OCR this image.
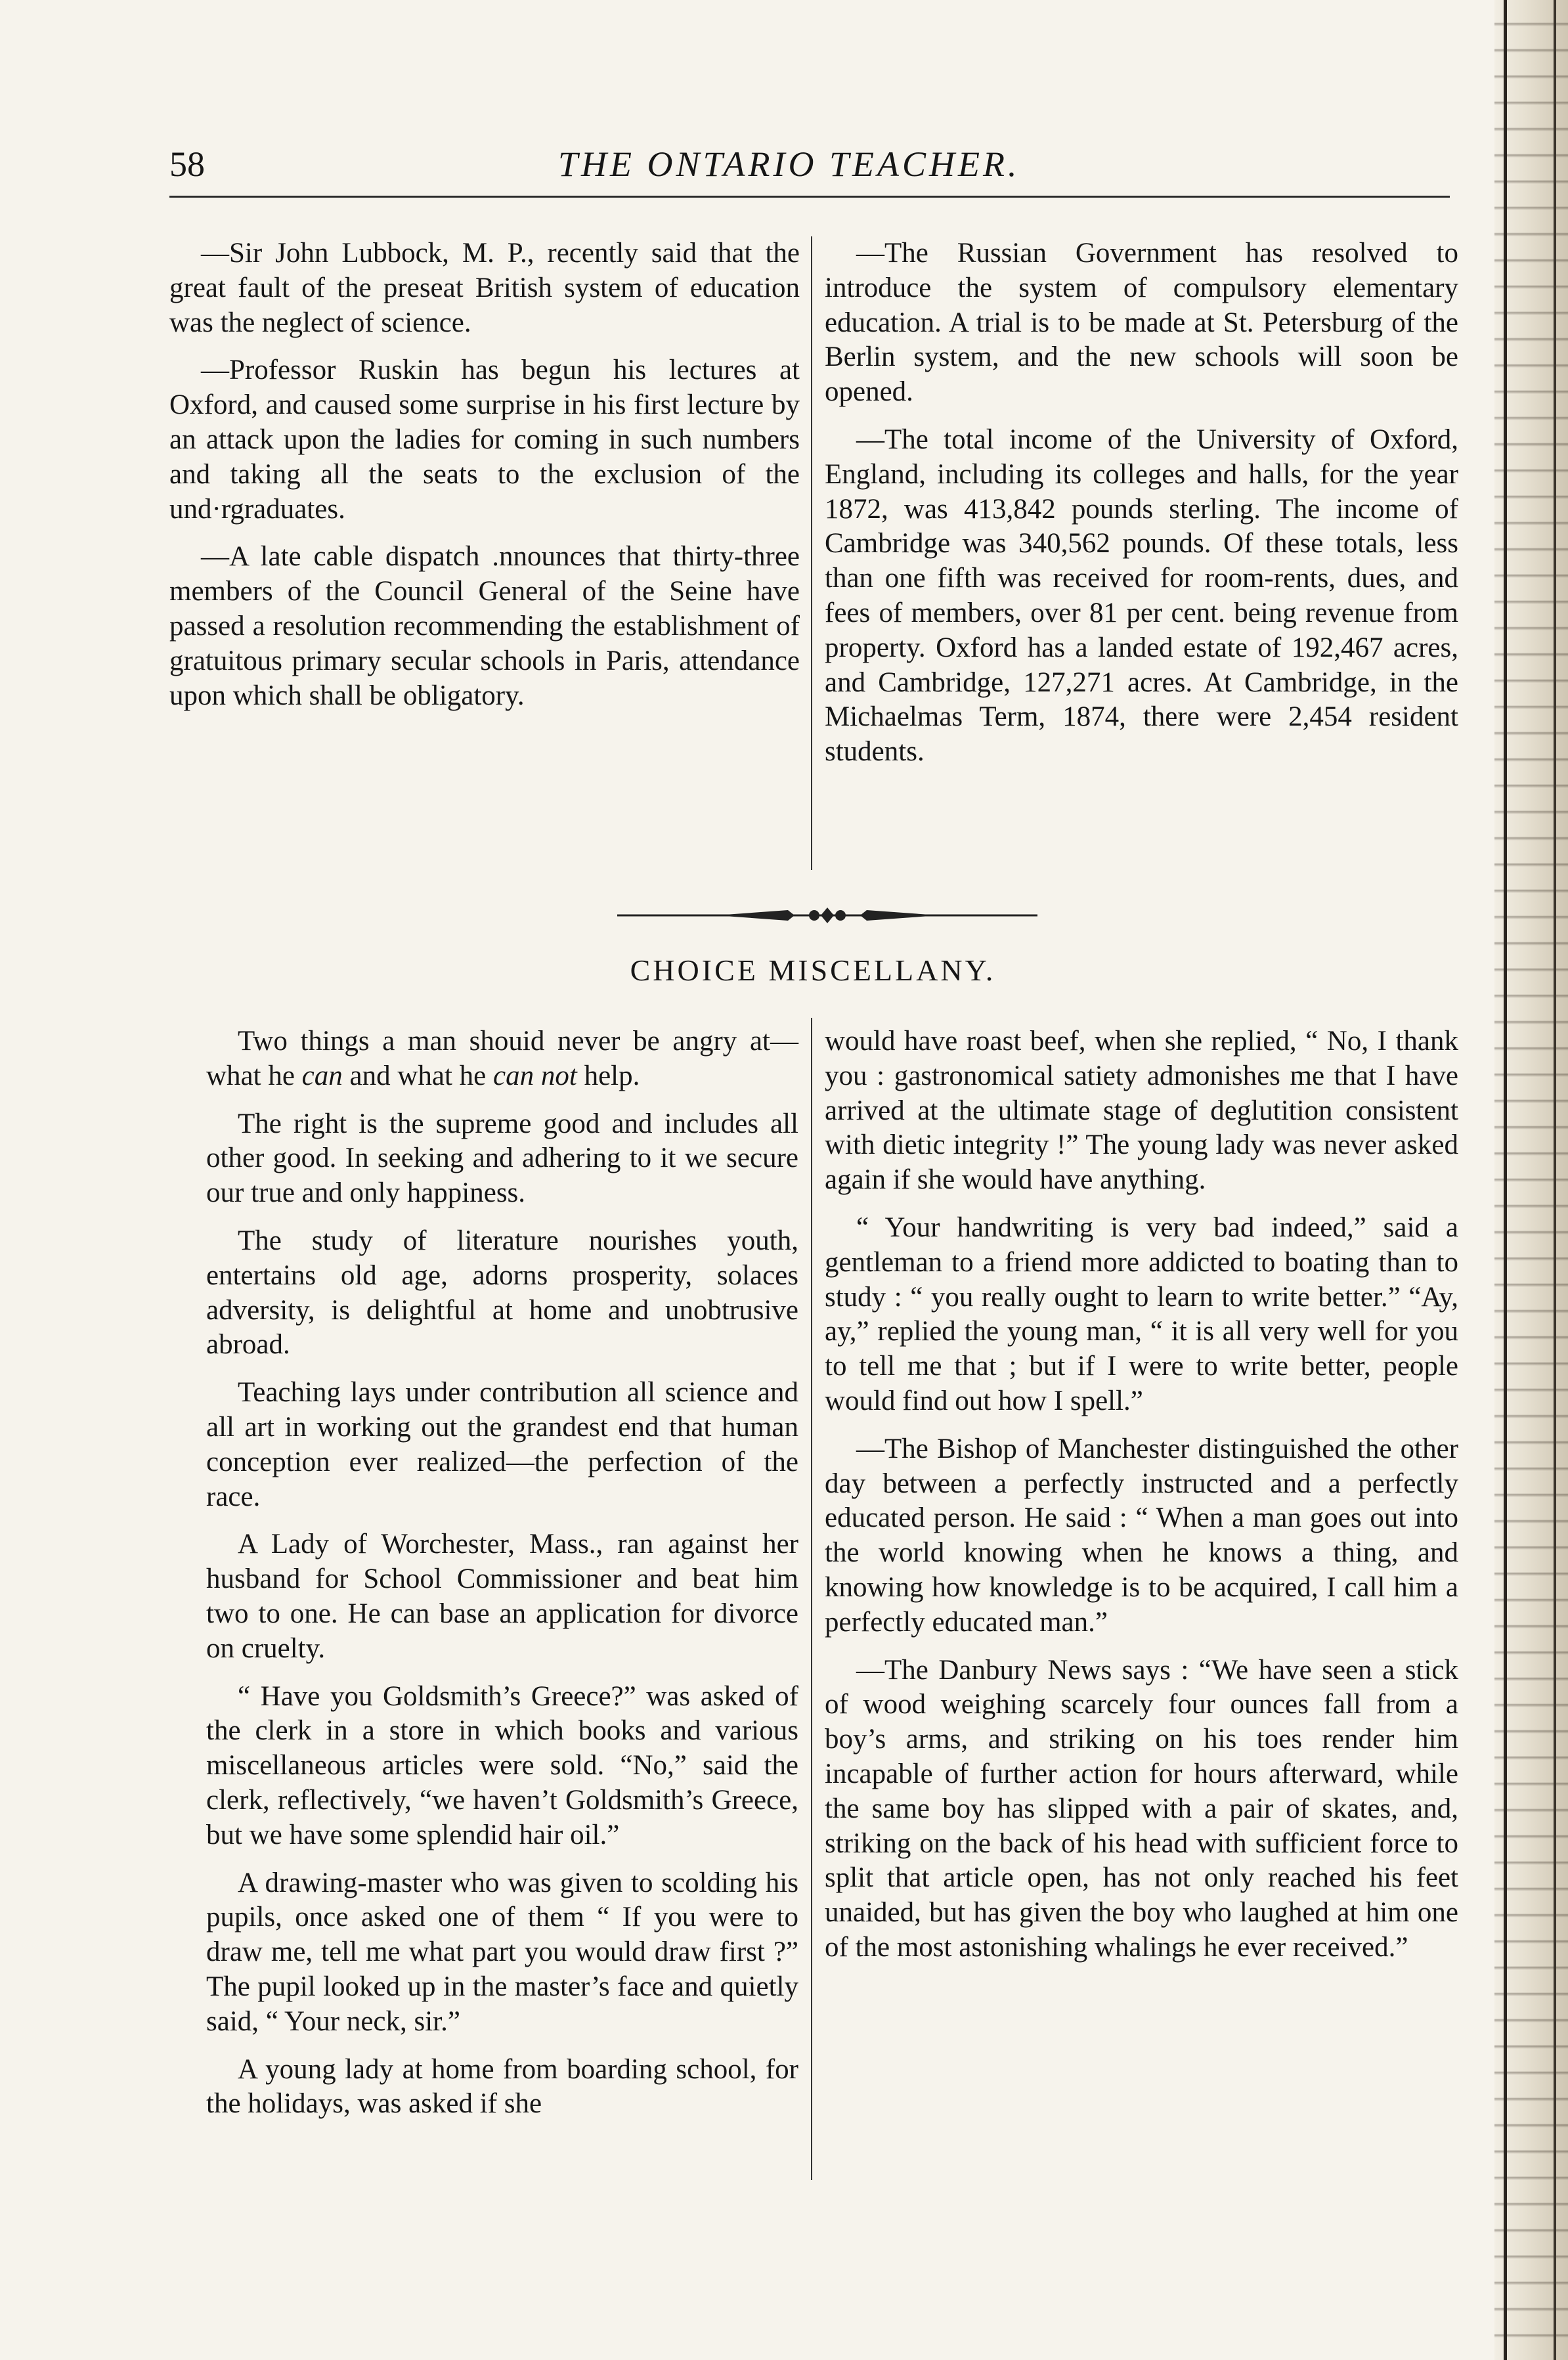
58	THE ONTARIO TEACHER.

—Sir John Lubbock, M. P., recently said that the great fault of the preseat British system of education was the neglect of science.

—Professor Ruskin has begun his lectures at Oxford, and caused some surprise in his first lecture by an attack upon the ladies for coming in such numbers and taking all the seats to the exclusion of the und·rgraduates.

—A late cable dispatch .nnounces that thirty-three members of the Council General of the Seine have passed a resolution recommending the establishment of gratuitous primary secular schools in Paris, attendance upon which shall be obligatory.

—The Russian Government has resolved to introduce the system of compulsory elementary education. A trial is to be made at St. Petersburg of the Berlin system, and the new schools will soon be opened.

—The total income of the University of Oxford, England, including its colleges and halls, for the year 1872, was 413,842 pounds sterling. The income of Cambridge was 340,562 pounds. Of these totals, less than one fifth was received for room-rents, dues, and fees of members, over 81 per cent. being revenue from property. Oxford has a landed estate of 192,467 acres, and Cambridge, 127,271 acres. At Cambridge, in the Michaelmas Term, 1874, there were 2,454 resident students.

CHOICE MISCELLANY.

Two things a man shouid never be angry at—what he can and what he can not help.

The right is the supreme good and includes all other good. In seeking and adhering to it we secure our true and only happiness.

The study of literature nourishes youth, entertains old age, adorns prosperity, solaces adversity, is delightful at home and unobtrusive abroad.

Teaching lays under contribution all science and all art in working out the grandest end that human conception ever realized—the perfection of the race.

A Lady of Worchester, Mass., ran against her husband for School Commissioner and beat him two to one. He can base an application for divorce on cruelty.

“ Have you Goldsmith’s Greece?” was asked of the clerk in a store in which books and various miscellaneous articles were sold. “No,” said the clerk, reflectively, “we haven’t Goldsmith’s Greece, but we have some splendid hair oil.”

A drawing-master who was given to scolding his pupils, once asked one of them “ If you were to draw me, tell me what part you would draw first ?” The pupil looked up in the master’s face and quietly said, “ Your neck, sir.”

A young lady at home from boarding school, for the holidays, was asked if she

would have roast beef, when she replied, “ No, I thank you : gastronomical satiety admonishes me that I have arrived at the ultimate stage of deglutition consistent with dietic integrity !” The young lady was never asked again if she would have anything.

“ Your handwriting is very bad indeed,” said a gentleman to a friend more addicted to boating than to study : “ you really ought to learn to write better.” “Ay, ay,” replied the young man, “ it is all very well for you to tell me that ; but if I were to write better, people would find out how I spell.”

—The Bishop of Manchester distinguished the other day between a perfectly instructed and a perfectly educated person. He said : “ When a man goes out into the world knowing when he knows a thing, and knowing how knowledge is to be acquired, I call him a perfectly educated man.”

—The Danbury News says : “We have seen a stick of wood weighing scarcely four ounces fall from a boy’s arms, and striking on his toes render him incapable of further action for hours afterward, while the same boy has slipped with a pair of skates, and, striking on the back of his head with sufficient force to split that article open, has not only reached his feet unaided, but has given the boy who laughed at him one of the most astonishing whalings he ever received.”
